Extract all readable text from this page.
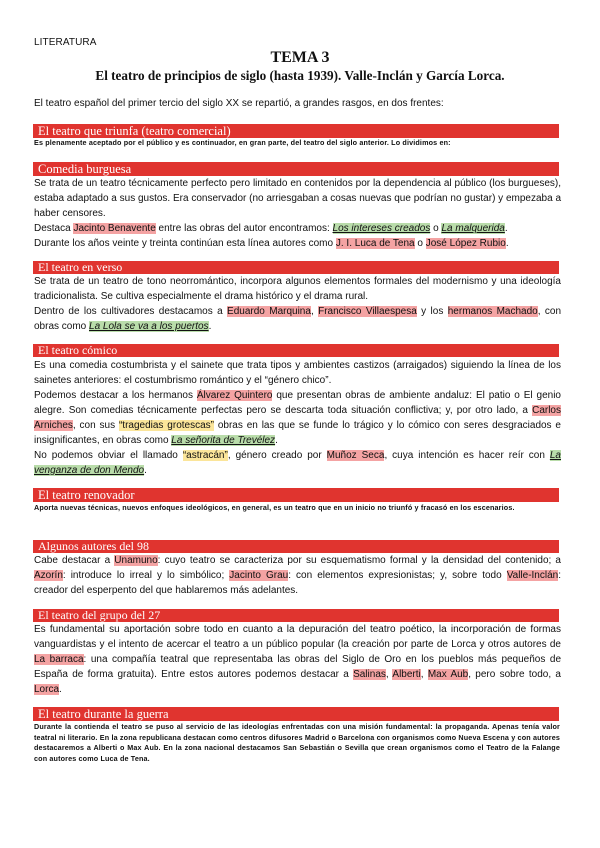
LITERATURA
TEMA 3
El teatro de principios de siglo (hasta 1939). Valle-Inclán y García Lorca.
El teatro español del primer tercio del siglo XX se repartió, a grandes rasgos, en dos frentes:
El teatro que triunfa (teatro comercial)
Es plenamente aceptado por el público y es continuador, en gran parte, del teatro del siglo anterior. Lo dividimos en:
Comedia burguesa

Se trata de un teatro técnicamente perfecto pero limitado en contenidos por la dependencia al público (los burgueses), estaba adaptado a sus gustos. Era conservador (no arriesgaban a cosas nuevas que podrían no gustar) y empezaba a haber censores.

Destaca Jacinto Benavente entre las obras del autor encontramos: Los intereses creados o La malquerida.

Durante los años veinte y treinta continúan esta línea autores como J. I. Luca de Tena o José López Rubio.

El teatro en verso

Se trata de un teatro de tono neorromántico, incorpora algunos elementos formales del modernismo y una ideología tradicionalista. Se cultiva especialmente el drama histórico y el drama rural.

Dentro de los cultivadores destacamos a Eduardo Marquina, Francisco Villaespesa y los hermanos Machado, con obras como La Lola se va a los puertos.

El teatro cómico

Es una comedia costumbrista y el sainete que trata tipos y ambientes castizos (arraigados) siguiendo la línea de los sainetes anteriores: el costumbrismo romántico y el “género chico”.

Podemos destacar a los hermanos Álvarez Quintero que presentan obras de ambiente andaluz: El patio o El genio alegre. Son comedias técnicamente perfectas pero se descarta toda situación conflictiva; y, por otro lado, a Carlos Arniches, con sus “tragedias grotescas” obras en las que se funde lo trágico y lo cómico con seres desgraciados e insignificantes, en obras como La señorita de Trevélez.

No podemos obviar el llamado “astracán”, género creado por Muñoz Seca, cuya intención es hacer reír con La venganza de don Mendo.

El teatro renovador
Aporta nuevas técnicas, nuevos enfoques ideológicos, en general, es un teatro que en un inicio no triunfó y fracasó en los escenarios.
Algunos autores del 98

Cabe destacar a Unamuno: cuyo teatro se caracteriza por su esquematismo formal y la densidad del contenido; a Azorín: introduce lo irreal y lo simbólico; Jacinto Grau: con elementos expresionistas; y, sobre todo Valle-Inclán: creador del esperpento del que hablaremos más adelantes.

El teatro del grupo del 27

Es fundamental su aportación sobre todo en cuanto a la depuración del teatro poético, la incorporación de formas vanguardistas y el intento de acercar el teatro a un público popular (la creación por parte de Lorca y otros autores de La barraca: una compañía teatral que representaba las obras del Siglo de Oro en los pueblos más pequeños de España de forma gratuita). Entre estos autores podemos destacar a Salinas, Alberti, Max Aub, pero sobre todo, a Lorca.

El teatro durante la guerra
Durante la contienda el teatro se puso al servicio de las ideologías enfrentadas con una misión fundamental: la propaganda. Apenas tenía valor teatral ni literario. En la zona republicana destacan como centros difusores Madrid o Barcelona con organismos como Nueva Escena y con autores destacaremos a Alberti o Max Aub. En la zona nacional destacamos San Sebastián o Sevilla que crean organismos como el Teatro de la Falange con autores como Luca de Tena.
